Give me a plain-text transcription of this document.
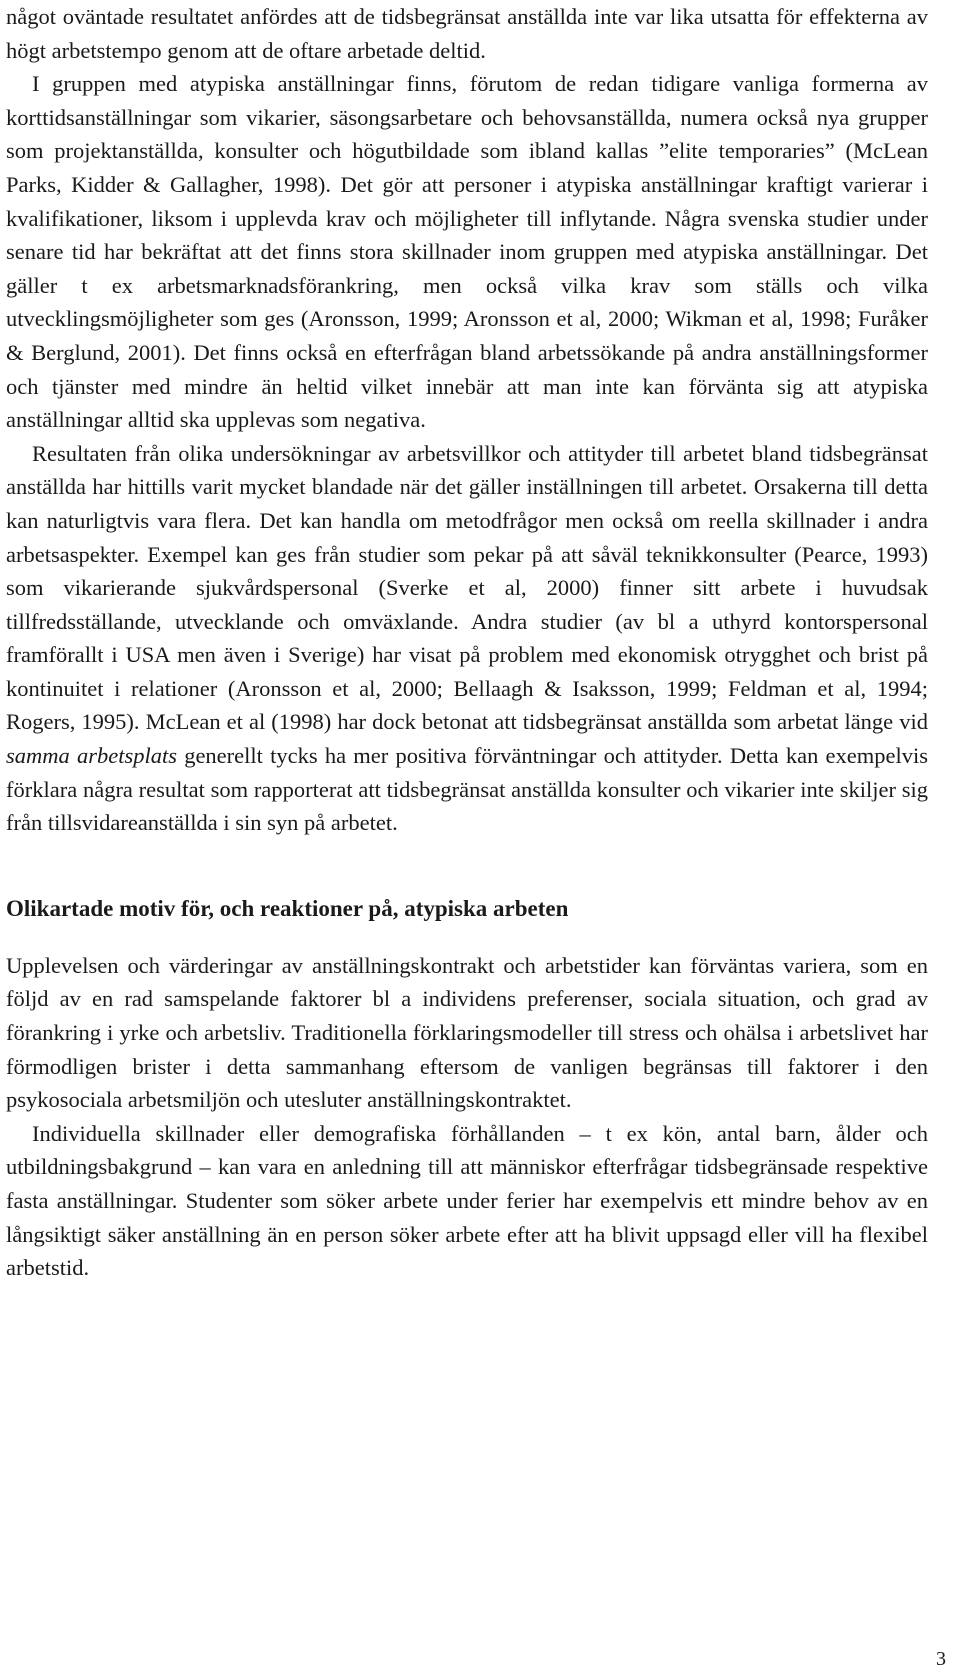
något oväntade resultatet anfördes att de tidsbegränsat anställda inte var lika utsatta för effekterna av högt arbetstempo genom att de oftare arbetade deltid.

I gruppen med atypiska anställningar finns, förutom de redan tidigare vanliga formerna av korttidsanställningar som vikarier, säsongsarbetare och behovsanställda, numera också nya grupper som projektanställda, konsulter och högutbildade som ibland kallas ”elite temporaries” (McLean Parks, Kidder & Gallagher, 1998). Det gör att personer i atypiska anställningar kraftigt varierar i kvalifikationer, liksom i upplevda krav och möjligheter till inflytande. Några svenska studier under senare tid har bekräftat att det finns stora skillnader inom gruppen med atypiska anställningar. Det gäller t ex arbetsmarknadsförankring, men också vilka krav som ställs och vilka utvecklingsmöjligheter som ges (Aronsson, 1999; Aronsson et al, 2000; Wikman et al, 1998; Furåker & Berglund, 2001). Det finns också en efterfrågan bland arbetssökande på andra anställningsformer och tjänster med mindre än heltid vilket innebär att man inte kan förvänta sig att atypiska anställningar alltid ska upplevas som negativa.

Resultaten från olika undersökningar av arbetsvillkor och attityder till arbetet bland tidsbegränsat anställda har hittills varit mycket blandade när det gäller inställningen till arbetet. Orsakerna till detta kan naturligtvis vara flera. Det kan handla om metodfrågor men också om reella skillnader i andra arbetsaspekter. Exempel kan ges från studier som pekar på att såväl teknikkonsulter (Pearce, 1993) som vikarierande sjukvårdspersonal (Sverke et al, 2000) finner sitt arbete i huvudsak tillfredsställande, utvecklande och omväxlande. Andra studier (av bl a uthyrd kontorspersonal framförallt i USA men även i Sverige) har visat på problem med ekonomisk otrygghet och brist på kontinuitet i relationer (Aronsson et al, 2000; Bellaagh & Isaksson, 1999; Feldman et al, 1994; Rogers, 1995). McLean et al (1998) har dock betonat att tidsbegränsat anställda som arbetat länge vid samma arbetsplats generellt tycks ha mer positiva förväntningar och attityder. Detta kan exempelvis förklara några resultat som rapporterat att tidsbegränsat anställda konsulter och vikarier inte skiljer sig från tillsvidareanställda i sin syn på arbetet.

Olikartade motiv för, och reaktioner på, atypiska arbeten

Upplevelsen och värderingar av anställningskontrakt och arbetstider kan förväntas variera, som en följd av en rad samspelande faktorer bl a individens preferenser, sociala situation, och grad av förankring i yrke och arbetsliv. Traditionella förklaringsmodeller till stress och ohälsa i arbetslivet har förmodligen brister i detta sammanhang eftersom de vanligen begränsas till faktorer i den psykosociala arbetsmiljön och utesluter anställningskontraktet.

Individuella skillnader eller demografiska förhållanden – t ex kön, antal barn, ålder och utbildningsbakgrund – kan vara en anledning till att människor efterfrågar tidsbegränsade respektive fasta anställningar. Studenter som söker arbete under ferier har exempelvis ett mindre behov av en långsiktigt säker anställning än en person söker arbete efter att ha blivit uppsagd eller vill ha flexibel arbetstid.

3
